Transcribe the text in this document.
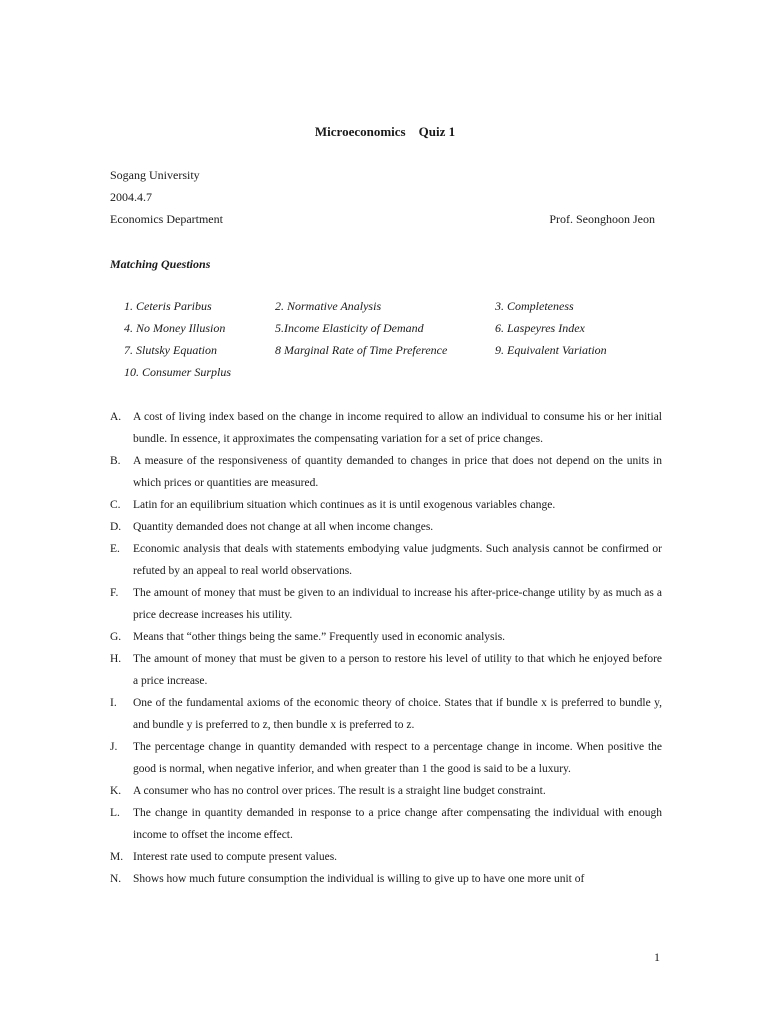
Microeconomics    Quiz 1
Sogang University
2004.4.7
Economics Department	Prof. Seonghoon Jeon
Matching Questions
1. Ceteris Paribus	2. Normative Analysis	3. Completeness
4. No Money Illusion	5.Income Elasticity of Demand	6. Laspeyres Index
7. Slutsky Equation	8 Marginal Rate of Time Preference	9. Equivalent Variation
10. Consumer Surplus
A.	A cost of living index based on the change in income required to allow an individual to consume his or her initial bundle. In essence, it approximates the compensating variation for a set of price changes.
B.	A measure of the responsiveness of quantity demanded to changes in price that does not depend on the units in which prices or quantities are measured.
C.	Latin for an equilibrium situation which continues as it is until exogenous variables change.
D.	Quantity demanded does not change at all when income changes.
E.	Economic analysis that deals with statements embodying value judgments. Such analysis cannot be confirmed or refuted by an appeal to real world observations.
F.	The amount of money that must be given to an individual to increase his after-price-change utility by as much as a price decrease increases his utility.
G.	Means that “other things being the same.” Frequently used in economic analysis.
H.	The amount of money that must be given to a person to restore his level of utility to that which he enjoyed before a price increase.
I.	One of the fundamental axioms of the economic theory of choice. States that if bundle x is preferred to bundle y, and bundle y is preferred to z, then bundle x is preferred to z.
J.	The percentage change in quantity demanded with respect to a percentage change in income. When positive the good is normal, when negative inferior, and when greater than 1 the good is said to be a luxury.
K.	A consumer who has no control over prices. The result is a straight line budget constraint.
L.	The change in quantity demanded in response to a price change after compensating the individual with enough income to offset the income effect.
M. Interest rate used to compute present values.
N.	Shows how much future consumption the individual is willing to give up to have one more unit of
1
